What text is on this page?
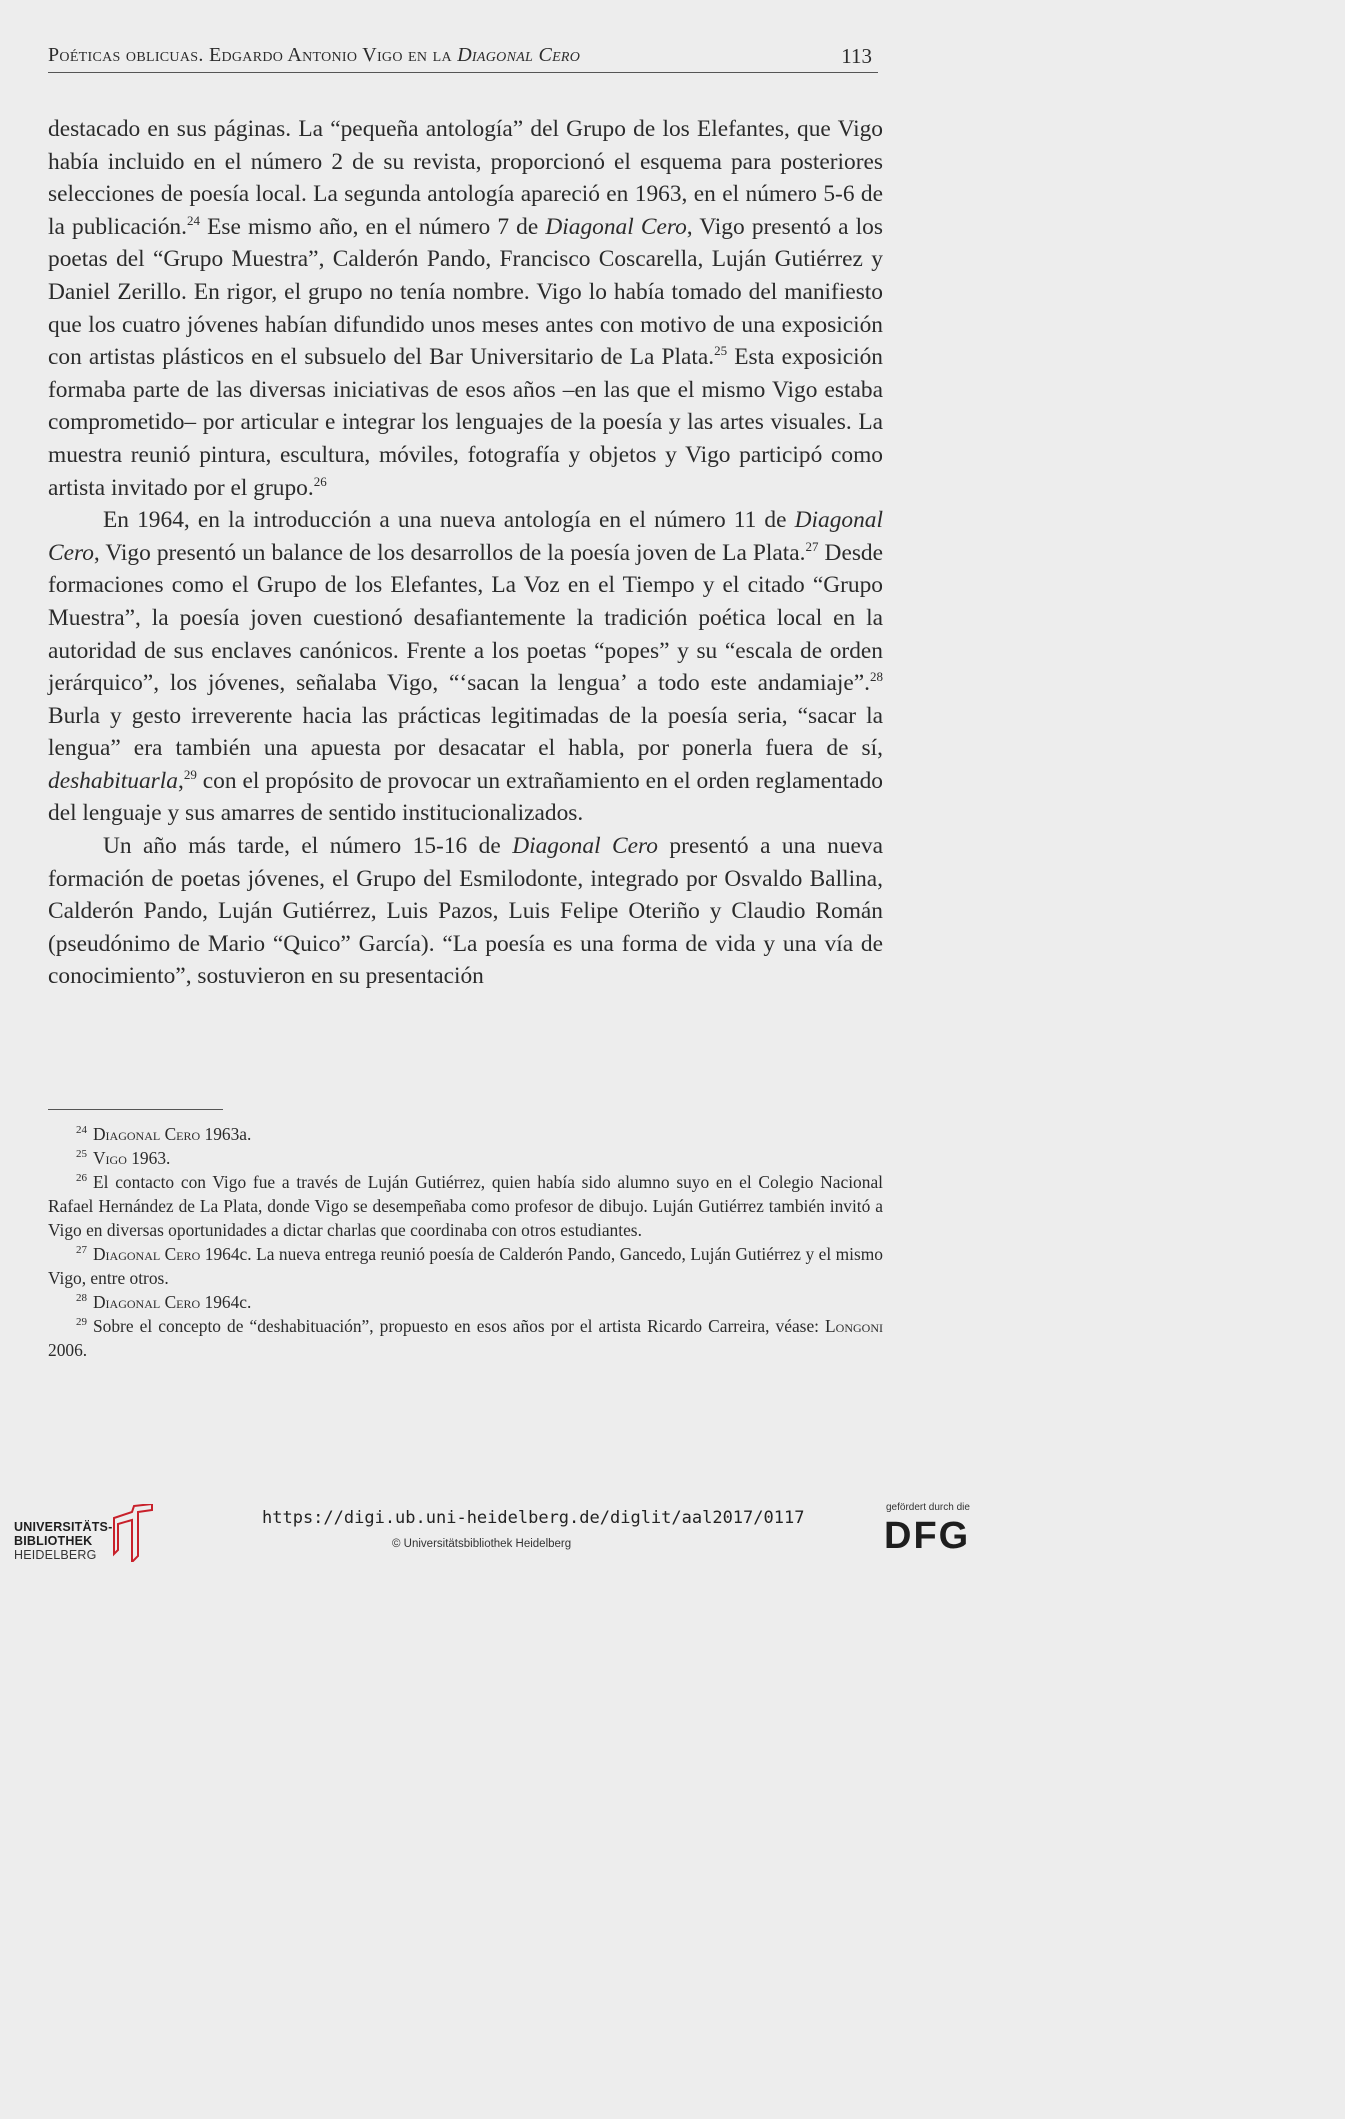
Poéticas oblicuas. Edgardo Antonio Vigo en la Diagonal Cero	113

destacado en sus páginas. La “pequeña antología” del Grupo de los Elefantes, que Vigo había incluido en el número 2 de su revista, proporcionó el esquema para posteriores selecciones de poesía local. La segunda antología apareció en 1963, en el número 5-6 de la publicación.$^{24}$ Ese mismo año, en el número 7 de Diagonal Cero, Vigo presentó a los poetas del “Grupo Muestra”, Calderón Pando, Francisco Coscarella, Luján Gutiérrez y Daniel Zerillo. En rigor, el grupo no tenía nombre. Vigo lo había tomado del manifiesto que los cuatro jóvenes habían difundido unos meses antes con motivo de una exposición con artistas plásticos en el subsuelo del Bar Universitario de La Plata.$^{25}$ Esta exposición formaba parte de las diversas iniciativas de esos años –en las que el mismo Vigo estaba comprometido– por articular e integrar los lenguajes de la poesía y las artes visuales. La muestra reunió pintura, escultura, móviles, fotografía y objetos y Vigo participó como artista invitado por el grupo.$^{26}$

En 1964, en la introducción a una nueva antología en el número 11 de Diagonal Cero, Vigo presentó un balance de los desarrollos de la poesía joven de La Plata.$^{27}$ Desde formaciones como el Grupo de los Elefantes, La Voz en el Tiempo y el citado “Grupo Muestra”, la poesía joven cuestionó desafiantemente la tradición poética local en la autoridad de sus enclaves canónicos. Frente a los poetas “popes” y su “escala de orden jerárquico”, los jóvenes, señalaba Vigo, “‘sacan la lengua’ a todo este andamiaje”.$^{28}$ Burla y gesto irreverente hacia las prácticas legitimadas de la poesía seria, “sacar la lengua” era también una apuesta por desacatar el habla, por ponerla fuera de sí, deshabituarla,$^{29}$ con el propósito de provocar un extrañamiento en el orden reglamentado del lenguaje y sus amarres de sentido institucionalizados.

Un año más tarde, el número 15-16 de Diagonal Cero presentó a una nueva formación de poetas jóvenes, el Grupo del Esmilodonte, integrado por Osvaldo Ballina, Calderón Pando, Luján Gutiérrez, Luis Pazos, Luis Felipe Oteriño y Claudio Román (pseudónimo de Mario “Quico” García). “La poesía es una forma de vida y una vía de conocimiento”, sostuvieron en su presentación

$^{24}$ Diagonal Cero 1963a.

$^{25}$ Vigo 1963.

$^{26}$ El contacto con Vigo fue a través de Luján Gutiérrez, quien había sido alumno suyo en el Colegio Nacional Rafael Hernández de La Plata, donde Vigo se desempeñaba como profesor de dibujo. Luján Gutiérrez también invitó a Vigo en diversas oportunidades a dictar charlas que coordinaba con otros estudiantes.

$^{27}$ Diagonal Cero 1964c. La nueva entrega reunió poesía de Calderón Pando, Gancedo, Luján Gutiérrez y el mismo Vigo, entre otros.

$^{28}$ Diagonal Cero 1964c.

$^{29}$ Sobre el concepto de “deshabituación”, propuesto en esos años por el artista Ricardo Carreira, véase: Longoni 2006.

UNIVERSITÄTS-
BIBLIOTHEK
HEIDELBERG
https://digi.ub.uni-heidelberg.de/diglit/aal2017/0117
© Universitätsbibliothek Heidelberg
gefördert durch die
DFG
